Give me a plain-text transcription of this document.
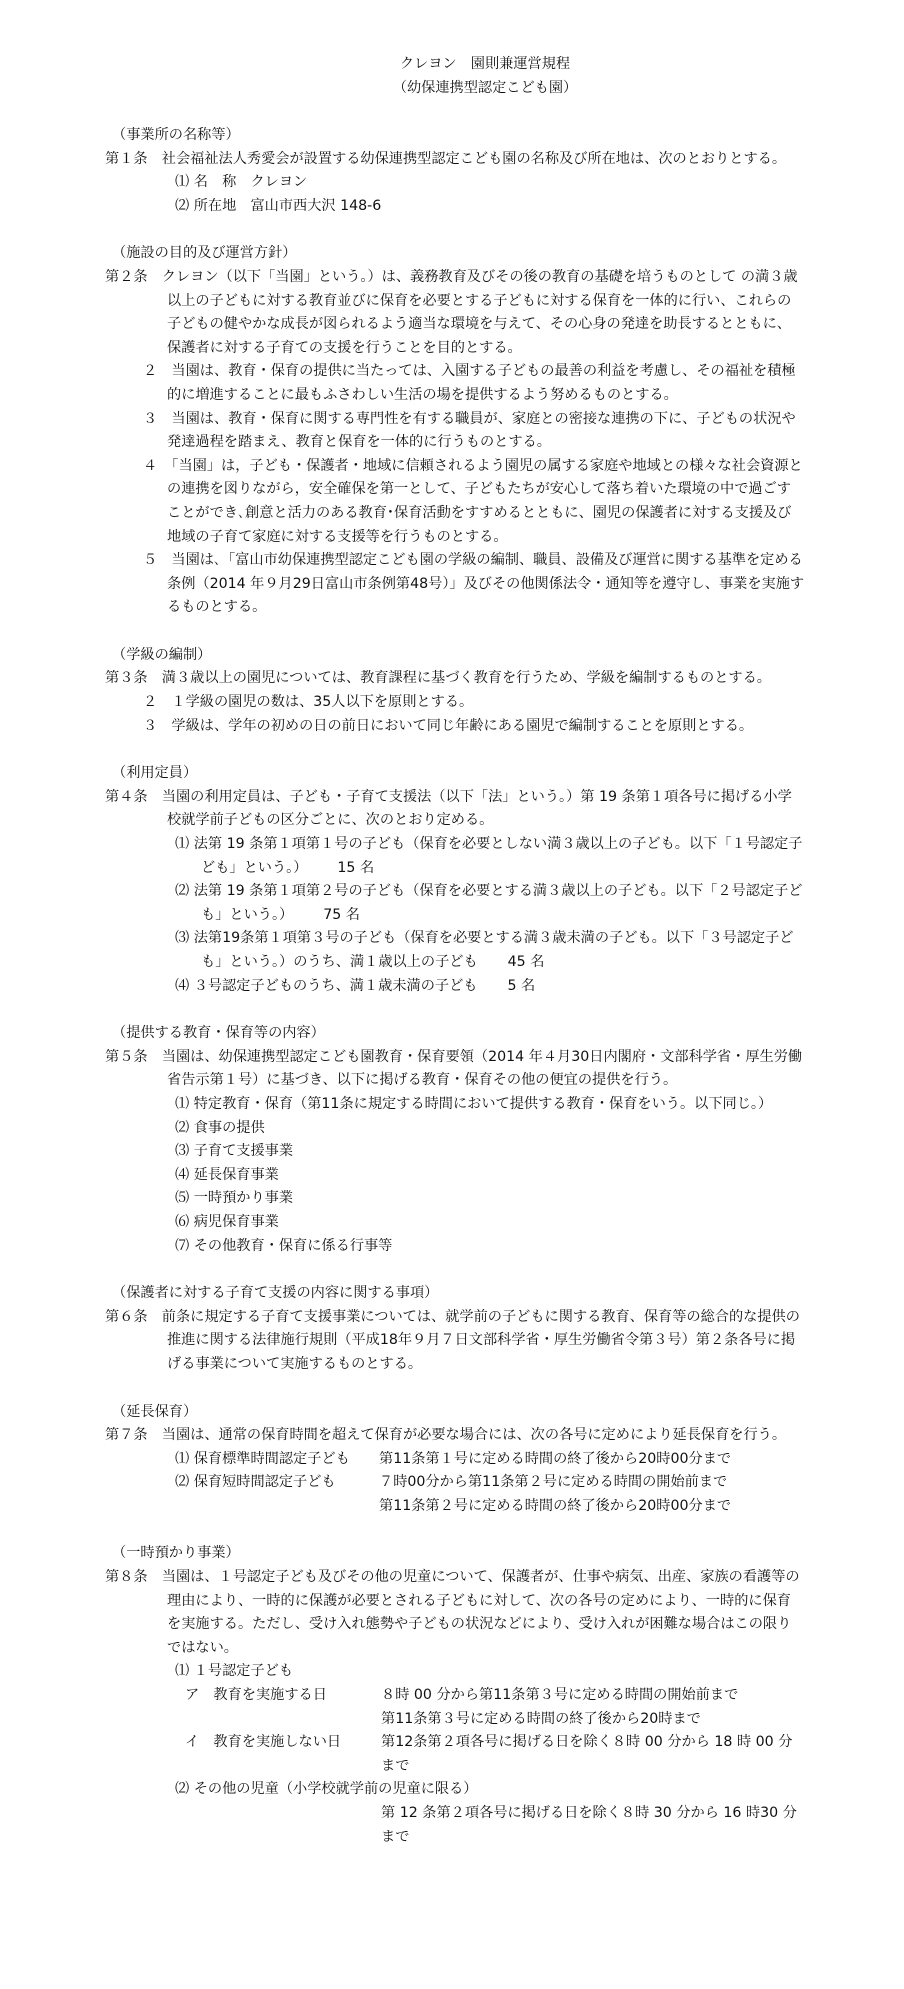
クレヨン　園則兼運営規程

（幼保連携型認定こども園）

（事業所の名称等）

第１条　社会福祉法人秀愛会が設置する幼保連携型認定こども園の名称及び所在地は、次のとおりとする。

⑴ 名　称　クレヨン

⑵ 所在地　富山市西大沢 148-6

（施設の目的及び運営方針）

第２条　クレヨン（以下「当園」という。）は、義務教育及びその後の教育の基礎を培うものとして の満３歳以上の子どもに対する教育並びに保育を必要とする子どもに対する保育を一体的に行い、これらの子どもの健やかな成長が図られるよう適当な環境を与えて、その心身の発達を助長するとともに、保護者に対する子育ての支援を行うことを目的とする。

２　当園は、教育・保育の提供に当たっては、入園する子どもの最善の利益を考慮し、その福祉を積極的に増進することに最もふさわしい生活の場を提供するよう努めるものとする。

３　当園は、教育・保育に関する専門性を有する職員が、家庭との密接な連携の下に、子どもの状況や発達過程を踏まえ、教育と保育を一体的に行うものとする。

４　「当園」は，子ども・保護者・地域に信頼されるよう園児の属する家庭や地域との様々な社会資源との連携を図りながら，安全確保を第一として、子どもたちが安心して落ち着いた環境の中で過ごすことができ､創意と活力のある教育･保育活動をすすめるとともに、園児の保護者に対する支援及び地域の子育て家庭に対する支援等を行うものとする。

５　当園は､「富山市幼保連携型認定こども園の学級の編制、職員、設備及び運営に関する基準を定める条例（2014 年９月29日富山市条例第48号）」及びその他関係法令・通知等を遵守し、事業を実施するものとする。

（学級の編制）

第３条　満３歳以上の園児については、教育課程に基づく教育を行うため、学級を編制するものとする。

２　１学級の園児の数は、35人以下を原則とする。

３　学級は、学年の初めの日の前日において同じ年齢にある園児で編制することを原則とする。

（利用定員）

第４条　当園の利用定員は、子ども・子育て支援法（以下「法」という。）第 19 条第１項各号に掲げる小学校就学前子どもの区分ごとに、次のとおり定める。

⑴ 法第 19 条第１項第１号の子ども（保育を必要としない満３歳以上の子ども。以下「１号認定子ども」という。） 15 名

⑵ 法第 19 条第１項第２号の子ども（保育を必要とする満３歳以上の子ども。以下「２号認定子ども」という。） 75 名

⑶ 法第19条第１項第３号の子ども（保育を必要とする満３歳未満の子ども。以下「３号認定子ども」という。）のうち、満１歳以上の子ども 45 名

⑷ ３号認定子どものうち、満１歳未満の子ども 5 名

（提供する教育・保育等の内容）

第５条　当園は、幼保連携型認定こども園教育・保育要領（2014 年４月30日内閣府・文部科学省・厚生労働省告示第１号）に基づき、以下に掲げる教育・保育その他の便宜の提供を行う。

⑴ 特定教育・保育（第11条に規定する時間において提供する教育・保育をいう。以下同じ。）

⑵ 食事の提供

⑶ 子育て支援事業

⑷ 延長保育事業

⑸ 一時預かり事業

⑹ 病児保育事業

⑺ その他教育・保育に係る行事等

（保護者に対する子育て支援の内容に関する事項）

第６条　前条に規定する子育て支援事業については、就学前の子どもに関する教育、保育等の総合的な提供の推進に関する法律施行規則（平成18年９月７日文部科学省・厚生労働省令第３号）第２条各号に掲げる事業について実施するものとする。

（延長保育）

第７条　当園は、通常の保育時間を超えて保育が必要な場合には、次の各号に定めにより延長保育を行う。

⑴ 保育標準時間認定子ども	第11条第１号に定める時間の終了後から20時00分まで
⑵ 保育短時間認定子ども	７時00分から第11条第２号に定める時間の開始前まで
第11条第２号に定める時間の終了後から20時00分まで

（一時預かり事業）

第８条　当園は、１号認定子ども及びその他の児童について、保護者が、仕事や病気、出産、家族の看護等の理由により、一時的に保護が必要とされる子どもに対して、次の各号の定めにより、一時的に保育を実施する。ただし、受け入れ態勢や子どもの状況などにより、受け入れが困難な場合はこの限りではない。

⑴ １号認定子ども

ア　教育を実施する日	８時 00 分から第11条第３号に定める時間の開始前まで
第11条第３号に定める時間の終了後から20時まで
イ　教育を実施しない日	第12条第２項各号に掲げる日を除く８時 00 分から 18 時 00 分まで

⑵ その他の児童（小学校就学前の児童に限る）

第 12 条第２項各号に掲げる日を除く８時 30 分から 16 時30 分まで
